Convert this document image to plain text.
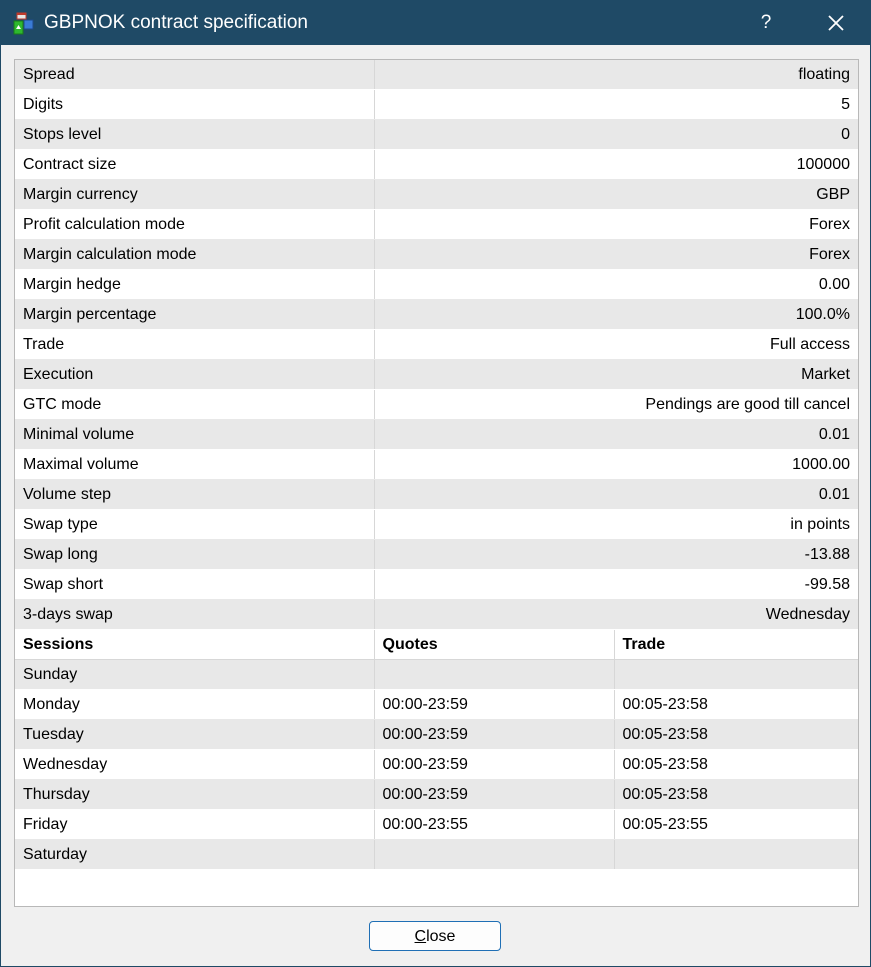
GBPNOK contract specification	?
Spread	floating	
Digits	5	
Stops level	0	
Contract size	100000	
Margin currency	GBP	
Profit calculation mode	Forex	
Margin calculation mode	Forex	
Margin hedge	0.00	
Margin percentage	100.0%	
Trade	Full access	
Execution	Market	
GTC mode	Pendings are good till cancel	
Minimal volume	0.01	
Maximal volume	1000.00	
Volume step	0.01	
Swap type	in points	
Swap long	-13.88	
Swap short	-99.58	
3-days swap	Wednesday	
Sessions	Quotes	Trade
Sunday		
Monday	00:00-23:59	00:05-23:58
Tuesday	00:00-23:59	00:05-23:58
Wednesday	00:00-23:59	00:05-23:58
Thursday	00:00-23:59	00:05-23:58
Friday	00:00-23:55	00:05-23:55
Saturday		
Close
